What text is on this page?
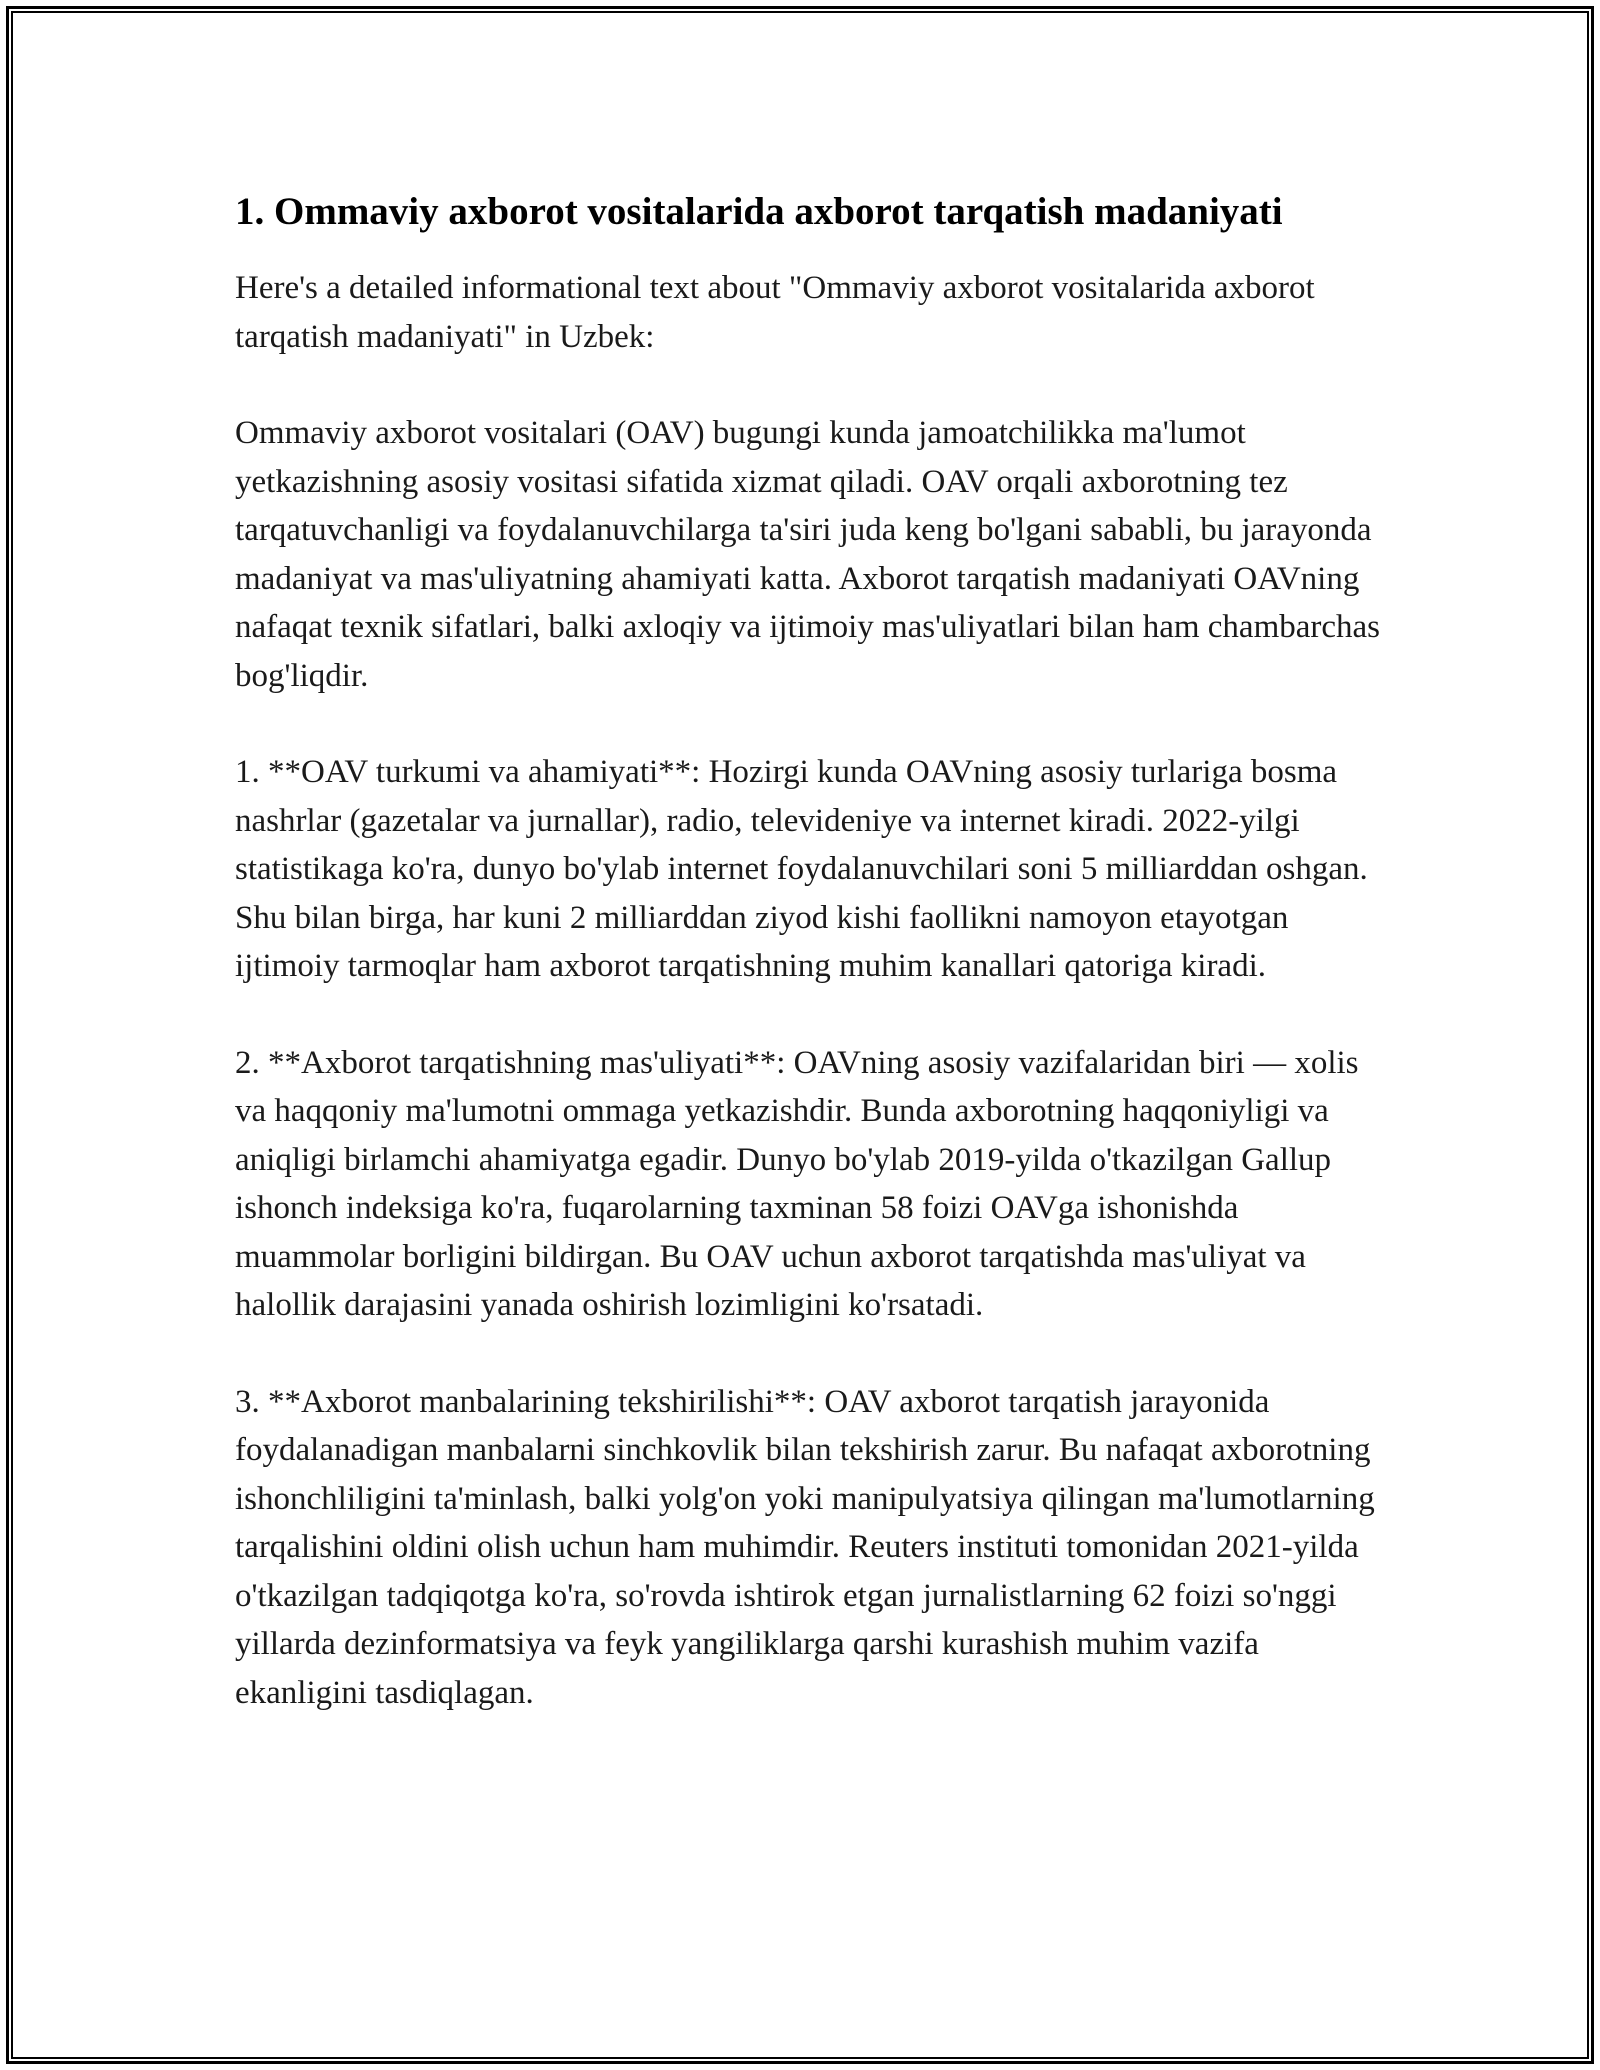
1. Ommaviy axborot vositalarida axborot tarqatish madaniyati

Here's a detailed informational text about "Ommaviy axborot vositalarida axborot tarqatish madaniyati" in Uzbek:

Ommaviy axborot vositalari (OAV) bugungi kunda jamoatchilikka ma'lumot yetkazishning asosiy vositasi sifatida xizmat qiladi. OAV orqali axborotning tez tarqatuvchanligi va foydalanuvchilarga ta'siri juda keng bo'lgani sababli, bu jarayonda madaniyat va mas'uliyatning ahamiyati katta. Axborot tarqatish madaniyati OAVning nafaqat texnik sifatlari, balki axloqiy va ijtimoiy mas'uliyatlari bilan ham chambarchas bog'liqdir.

1. **OAV turkumi va ahamiyati**: Hozirgi kunda OAVning asosiy turlariga bosma nashrlar (gazetalar va jurnallar), radio, televideniye va internet kiradi. 2022-yilgi statistikaga ko'ra, dunyo bo'ylab internet foydalanuvchilari soni 5 milliarddan oshgan. Shu bilan birga, har kuni 2 milliarddan ziyod kishi faollikni namoyon etayotgan ijtimoiy tarmoqlar ham axborot tarqatishning muhim kanallari qatoriga kiradi.

2. **Axborot tarqatishning mas'uliyati**: OAVning asosiy vazifalaridan biri — xolis va haqqoniy ma'lumotni ommaga yetkazishdir. Bunda axborotning haqqoniyligi va aniqligi birlamchi ahamiyatga egadir. Dunyo bo'ylab 2019-yilda o'tkazilgan Gallup ishonch indeksiga ko'ra, fuqarolarning taxminan 58 foizi OAVga ishonishda muammolar borligini bildirgan. Bu OAV uchun axborot tarqatishda mas'uliyat va halollik darajasini yanada oshirish lozimligini ko'rsatadi.

3. **Axborot manbalarining tekshirilishi**: OAV axborot tarqatish jarayonida foydalanadigan manbalarni sinchkovlik bilan tekshirish zarur. Bu nafaqat axborotning ishonchliligini ta'minlash, balki yolg'on yoki manipulyatsiya qilingan ma'lumotlarning tarqalishini oldini olish uchun ham muhimdir. Reuters instituti tomonidan 2021-yilda o'tkazilgan tadqiqotga ko'ra, so'rovda ishtirok etgan jurnalistlarning 62 foizi so'nggi yillarda dezinformatsiya va feyk yangiliklarga qarshi kurashish muhim vazifa ekanligini tasdiqlagan.
